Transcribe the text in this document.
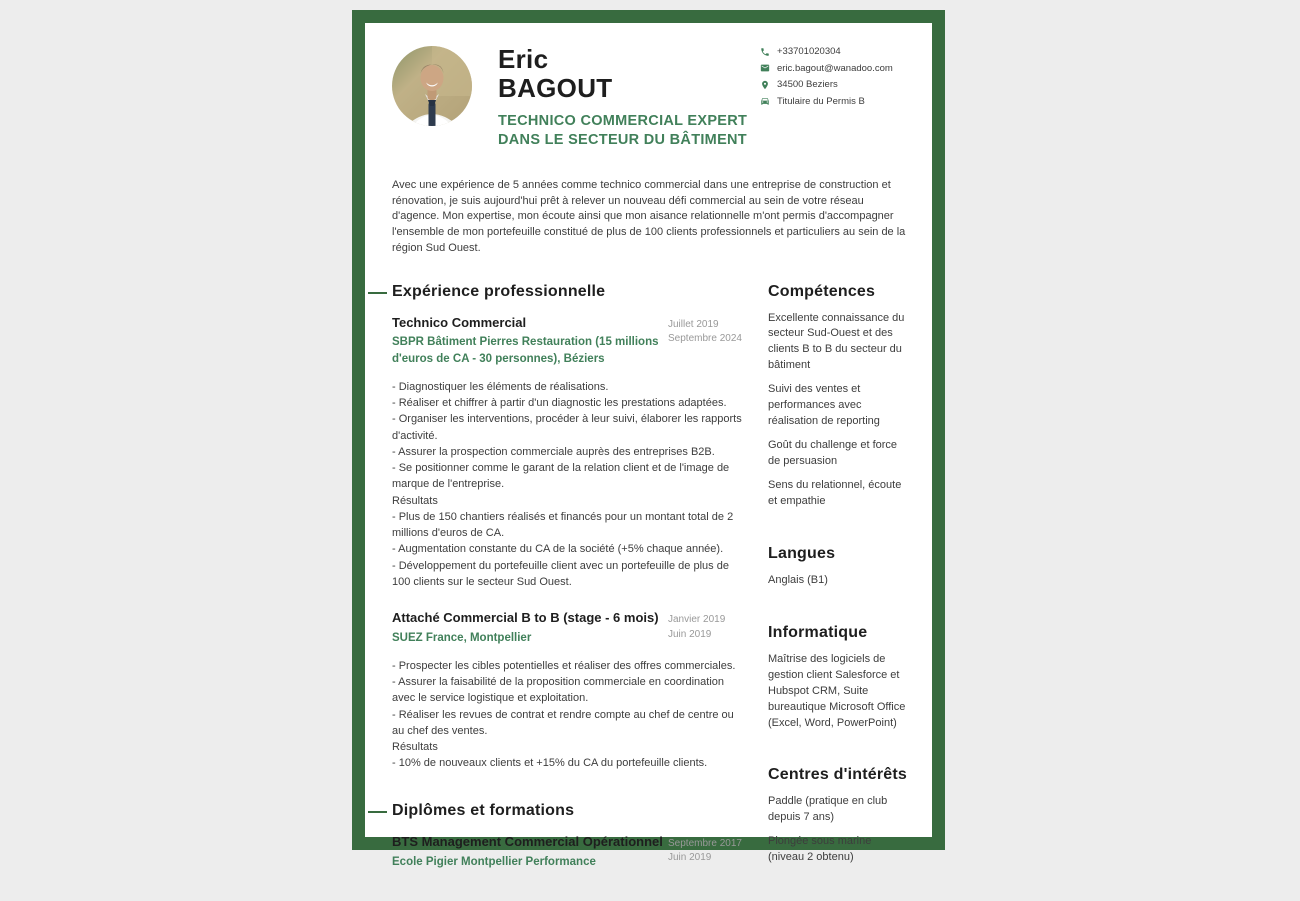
Eric
BAGOUT
TECHNICO COMMERCIAL EXPERT
DANS LE SECTEUR DU BÂTIMENT
+33701020304
eric.bagout@wanadoo.com
34500 Beziers
Titulaire du Permis B

Avec une expérience de 5 années comme technico commercial dans une entreprise de construction et rénovation, je suis aujourd'hui prêt à relever un nouveau défi commercial au sein de votre réseau d'agence. Mon expertise, mon écoute ainsi que mon aisance relationnelle m'ont permis d'accompagner l'ensemble de mon portefeuille constitué de plus de 100 clients professionnels et particuliers au sein de la région Sud Ouest.

Expérience professionnelle
Technico Commercial
SBPR Bâtiment Pierres Restauration (15 millions d'euros de CA - 30 personnes), Béziers
Juillet 2019
Septembre 2024
- Diagnostiquer les éléments de réalisations.
- Réaliser et chiffrer à partir d'un diagnostic les prestations adaptées.
- Organiser les interventions, procéder à leur suivi, élaborer les rapports d'activité.
- Assurer la prospection commerciale auprès des entreprises B2B.
- Se positionner comme le garant de la relation client et de l'image de marque de l'entreprise.
Résultats
- Plus de 150 chantiers réalisés et financés pour un montant total de 2 millions d'euros de CA.
- Augmentation constante du CA de la société (+5% chaque année).
- Développement du portefeuille client avec un portefeuille de plus de 100 clients sur le secteur Sud Ouest.
Attaché Commercial B to B (stage - 6 mois)
SUEZ France, Montpellier
Janvier 2019
Juin 2019
- Prospecter les cibles potentielles et réaliser des offres commerciales.
- Assurer la faisabilité de la proposition commerciale en coordination avec le service logistique et exploitation.
- Réaliser les revues de contrat et rendre compte au chef de centre ou au chef des ventes.
Résultats
- 10% de nouveaux clients et +15% du CA du portefeuille clients.
Diplômes et formations
BTS Management Commercial Opérationnel
Ecole Pigier Montpellier Performance
Septembre 2017
Juin 2019
Compétences

Excellente connaissance du secteur Sud-Ouest et des clients B to B du secteur du bâtiment

Suivi des ventes et performances avec réalisation de reporting

Goût du challenge et force de persuasion

Sens du relationnel, écoute et empathie

Langues

Anglais (B1)

Informatique

Maîtrise des logiciels de gestion client Salesforce et Hubspot CRM, Suite bureautique Microsoft Office (Excel, Word, PowerPoint)

Centres d'intérêts

Paddle (pratique en club depuis 7 ans)

Plongée sous marine (niveau 2 obtenu)
